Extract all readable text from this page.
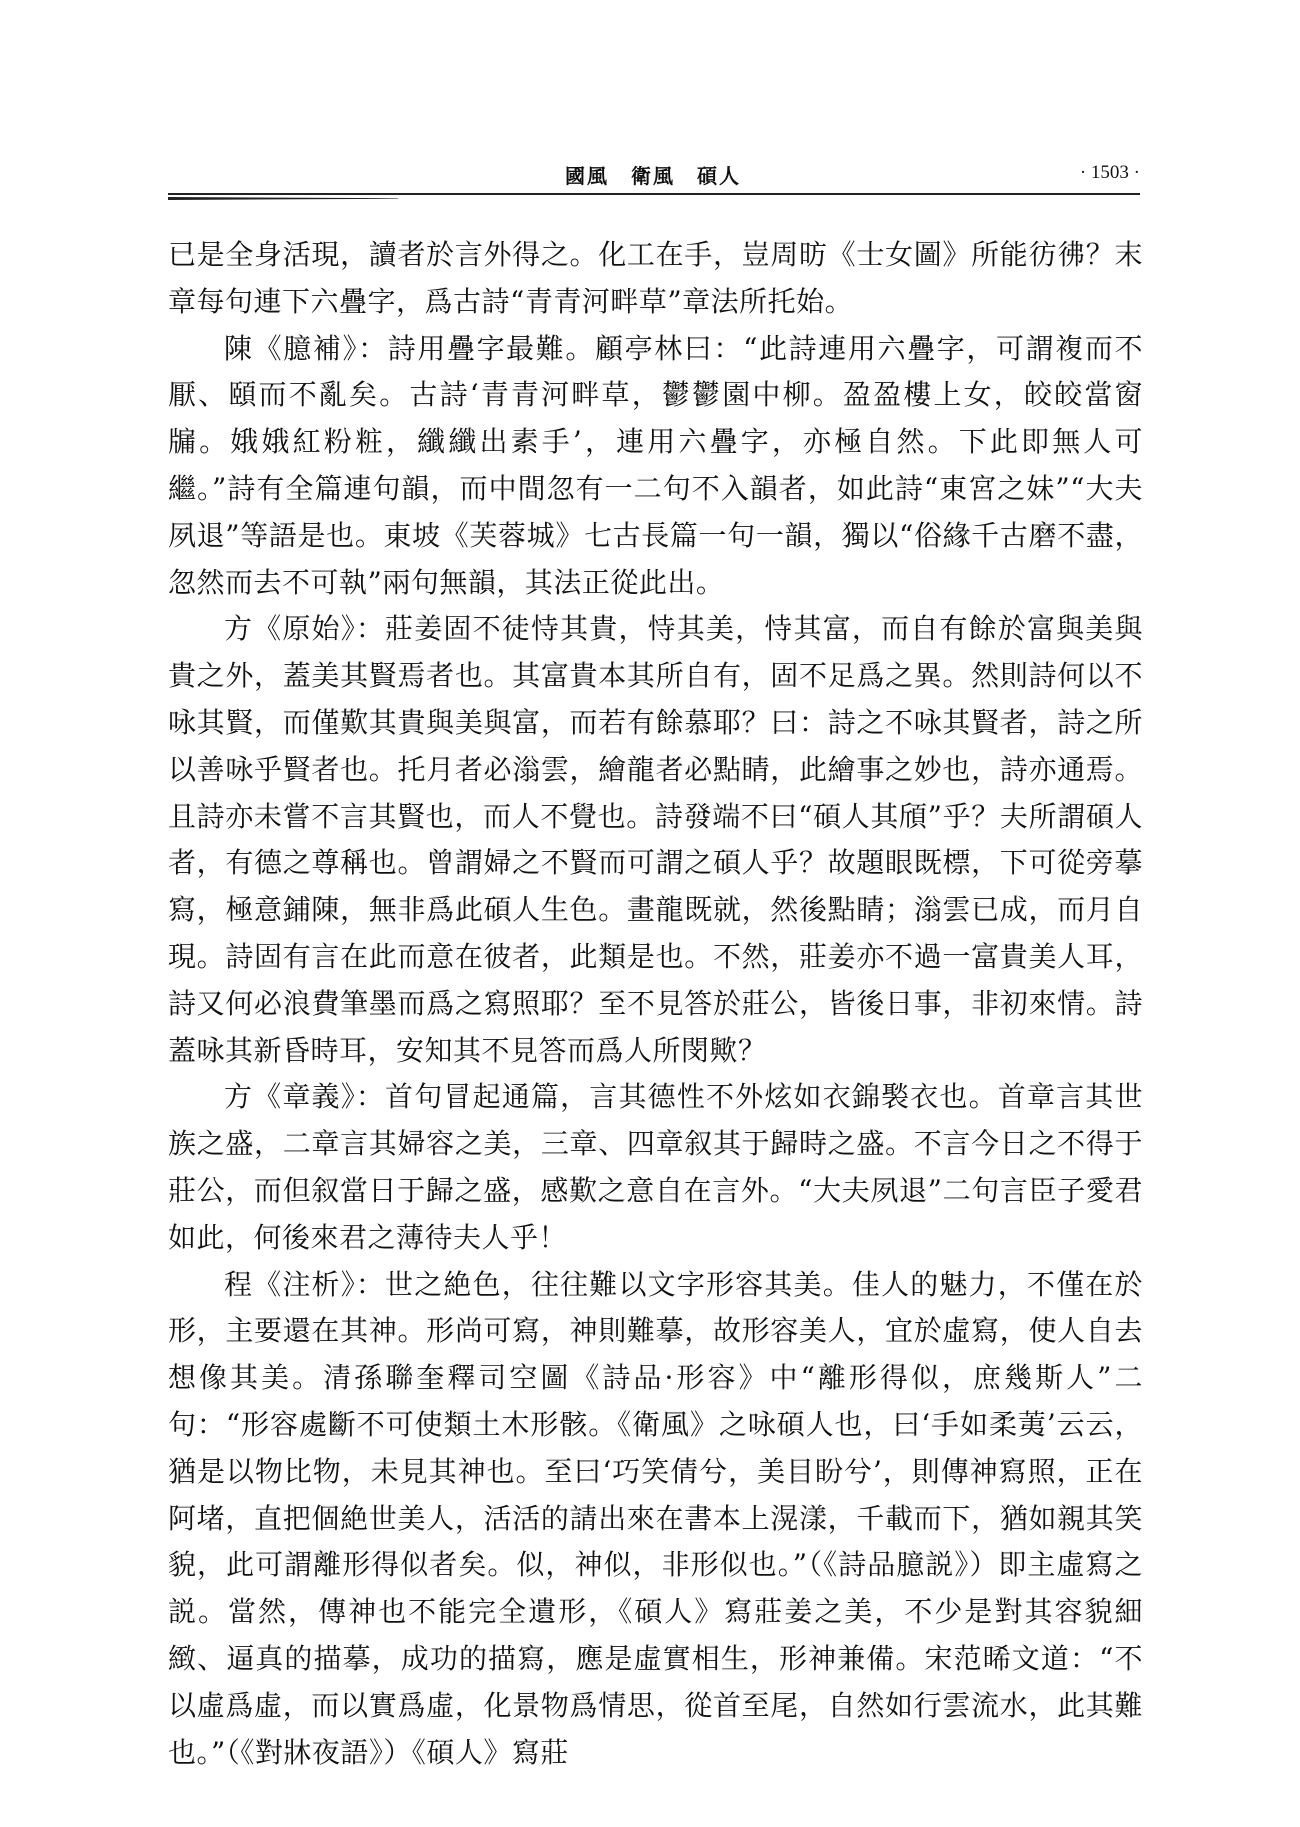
國風　衛風　碩人	· 1503 ·

已是全身活現，讀者於言外得之。化工在手，豈周昉《士女圖》所能彷彿？末章每句連下六疊字，爲古詩“青青河畔草”章法所托始。

陳《臆補》：詩用疊字最難。顧亭林曰：“此詩連用六疊字，可謂複而不厭、頤而不亂矣。古詩‘青青河畔草，鬱鬱園中柳。盈盈樓上女，皎皎當窗牖。娥娥紅粉粧，纖纖出素手’，連用六疊字，亦極自然。下此即無人可繼。”詩有全篇連句韻，而中間忽有一二句不入韻者，如此詩“東宮之妹”“大夫夙退”等語是也。東坡《芙蓉城》七古長篇一句一韻，獨以“俗緣千古磨不盡，忽然而去不可執”兩句無韻，其法正從此出。

方《原始》：莊姜固不徒恃其貴，恃其美，恃其富，而自有餘於富與美與貴之外，蓋美其賢焉者也。其富貴本其所自有，固不足爲之異。然則詩何以不咏其賢，而僅歎其貴與美與富，而若有餘慕耶？曰：詩之不咏其賢者，詩之所以善咏乎賢者也。托月者必滃雲，繪龍者必點睛，此繪事之妙也，詩亦通焉。且詩亦未嘗不言其賢也，而人不覺也。詩發端不曰“碩人其頎”乎？夫所謂碩人者，有德之尊稱也。曾謂婦之不賢而可謂之碩人乎？故題眼既標，下可從旁摹寫，極意鋪陳，無非爲此碩人生色。畫龍既就，然後點睛；滃雲已成，而月自現。詩固有言在此而意在彼者，此類是也。不然，莊姜亦不過一富貴美人耳，詩又何必浪費筆墨而爲之寫照耶？至不見答於莊公，皆後日事，非初來情。詩蓋咏其新昏時耳，安知其不見答而爲人所閔歟？

方《章義》：首句冒起通篇，言其德性不外炫如衣錦褧衣也。首章言其世族之盛，二章言其婦容之美，三章、四章叙其于歸時之盛。不言今日之不得于莊公，而但叙當日于歸之盛，感歎之意自在言外。“大夫夙退”二句言臣子愛君如此，何後來君之薄待夫人乎！

程《注析》：世之絶色，往往難以文字形容其美。佳人的魅力，不僅在於形，主要還在其神。形尚可寫，神則難摹，故形容美人，宜於虛寫，使人自去想像其美。清孫聯奎釋司空圖《詩品·形容》中“離形得似，庶幾斯人”二句：“形容處斷不可使類土木形骸。《衛風》之咏碩人也，曰‘手如柔荑’云云，猶是以物比物，未見其神也。至曰‘巧笑倩兮，美目盼兮’，則傳神寫照，正在阿堵，直把個絶世美人，活活的請出來在書本上滉漾，千載而下，猶如親其笑貌，此可謂離形得似者矣。似，神似，非形似也。”（《詩品臆説》）即主虛寫之説。當然，傳神也不能完全遺形，《碩人》寫莊姜之美，不少是對其容貌細緻、逼真的描摹，成功的描寫，應是虛實相生，形神兼備。宋范晞文道：“不以虛爲虛，而以實爲虛，化景物爲情思，從首至尾，自然如行雲流水，此其難也。”（《對牀夜語》）《碩人》寫莊
